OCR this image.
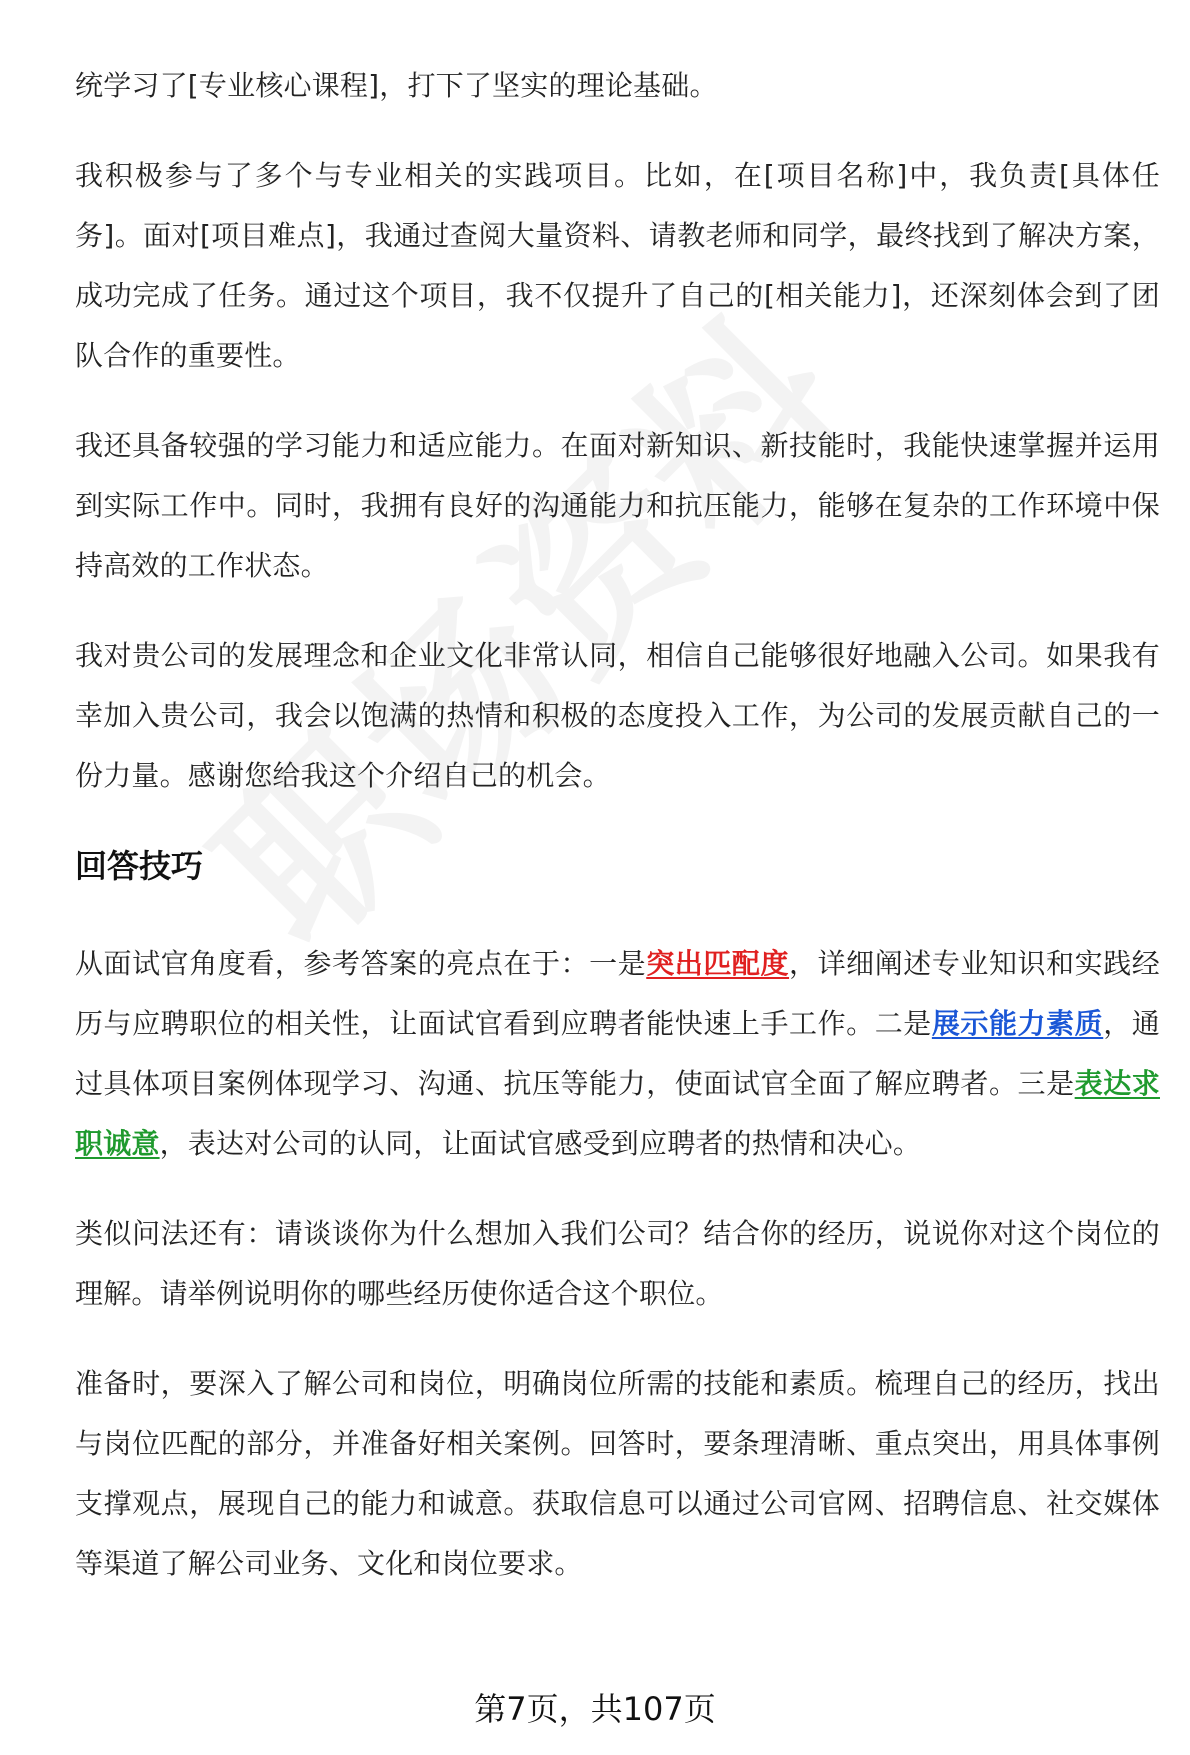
统学习了[专业核心课程]，打下了坚实的理论基础。

我积极参与了多个与专业相关的实践项目。比如，在[项目名称]中，我负责[具体任务]。面对[项目难点]，我通过查阅大量资料、请教老师和同学，最终找到了解决方案，成功完成了任务。通过这个项目，我不仅提升了自己的[相关能力]，还深刻体会到了团队合作的重要性。

我还具备较强的学习能力和适应能力。在面对新知识、新技能时，我能快速掌握并运用到实际工作中。同时，我拥有良好的沟通能力和抗压能力，能够在复杂的工作环境中保持高效的工作状态。

我对贵公司的发展理念和企业文化非常认同，相信自己能够很好地融入公司。如果我有幸加入贵公司，我会以饱满的热情和积极的态度投入工作，为公司的发展贡献自己的一份力量。感谢您给我这个介绍自己的机会。

回答技巧

从面试官角度看，参考答案的亮点在于：一是突出匹配度，详细阐述专业知识和实践经历与应聘职位的相关性，让面试官看到应聘者能快速上手工作。二是展示能力素质，通过具体项目案例体现学习、沟通、抗压等能力，使面试官全面了解应聘者。三是表达求职诚意，表达对公司的认同，让面试官感受到应聘者的热情和决心。

类似问法还有：请谈谈你为什么想加入我们公司？结合你的经历，说说你对这个岗位的理解。请举例说明你的哪些经历使你适合这个职位。

准备时，要深入了解公司和岗位，明确岗位所需的技能和素质。梳理自己的经历，找出与岗位匹配的部分，并准备好相关案例。回答时，要条理清晰、重点突出，用具体事例支撑观点，展现自己的能力和诚意。获取信息可以通过公司官网、招聘信息、社交媒体等渠道了解公司业务、文化和岗位要求。

第7页，共107页
